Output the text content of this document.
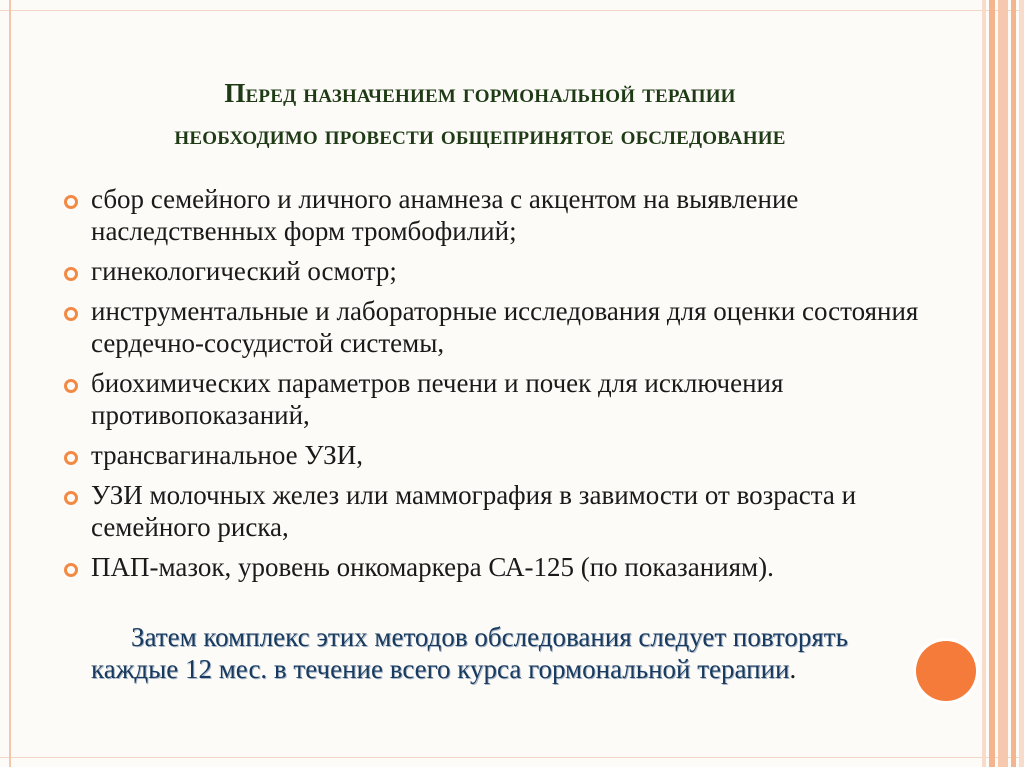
Перед назначением гормональной терапии
необходимо провести общепринятое обследование
сбор семейного и личного анамнеза с акцентом на выявление наследственных форм тромбофилий;
гинекологический осмотр;
инструментальные и лабораторные исследования для оценки состояния сердечно-сосудистой системы,
биохимических параметров печени и почек для исключения противопоказаний,
трансвагинальное УЗИ,
УЗИ молочных желез или маммография в завимости от возраста и семейного риска,
ПАП-мазок, уровень онкомаркера СА-125 (по показаниям).
Затем комплекс этих методов обследования следует повторять каждые 12 мес. в течение всего курса гормональной терапии.
